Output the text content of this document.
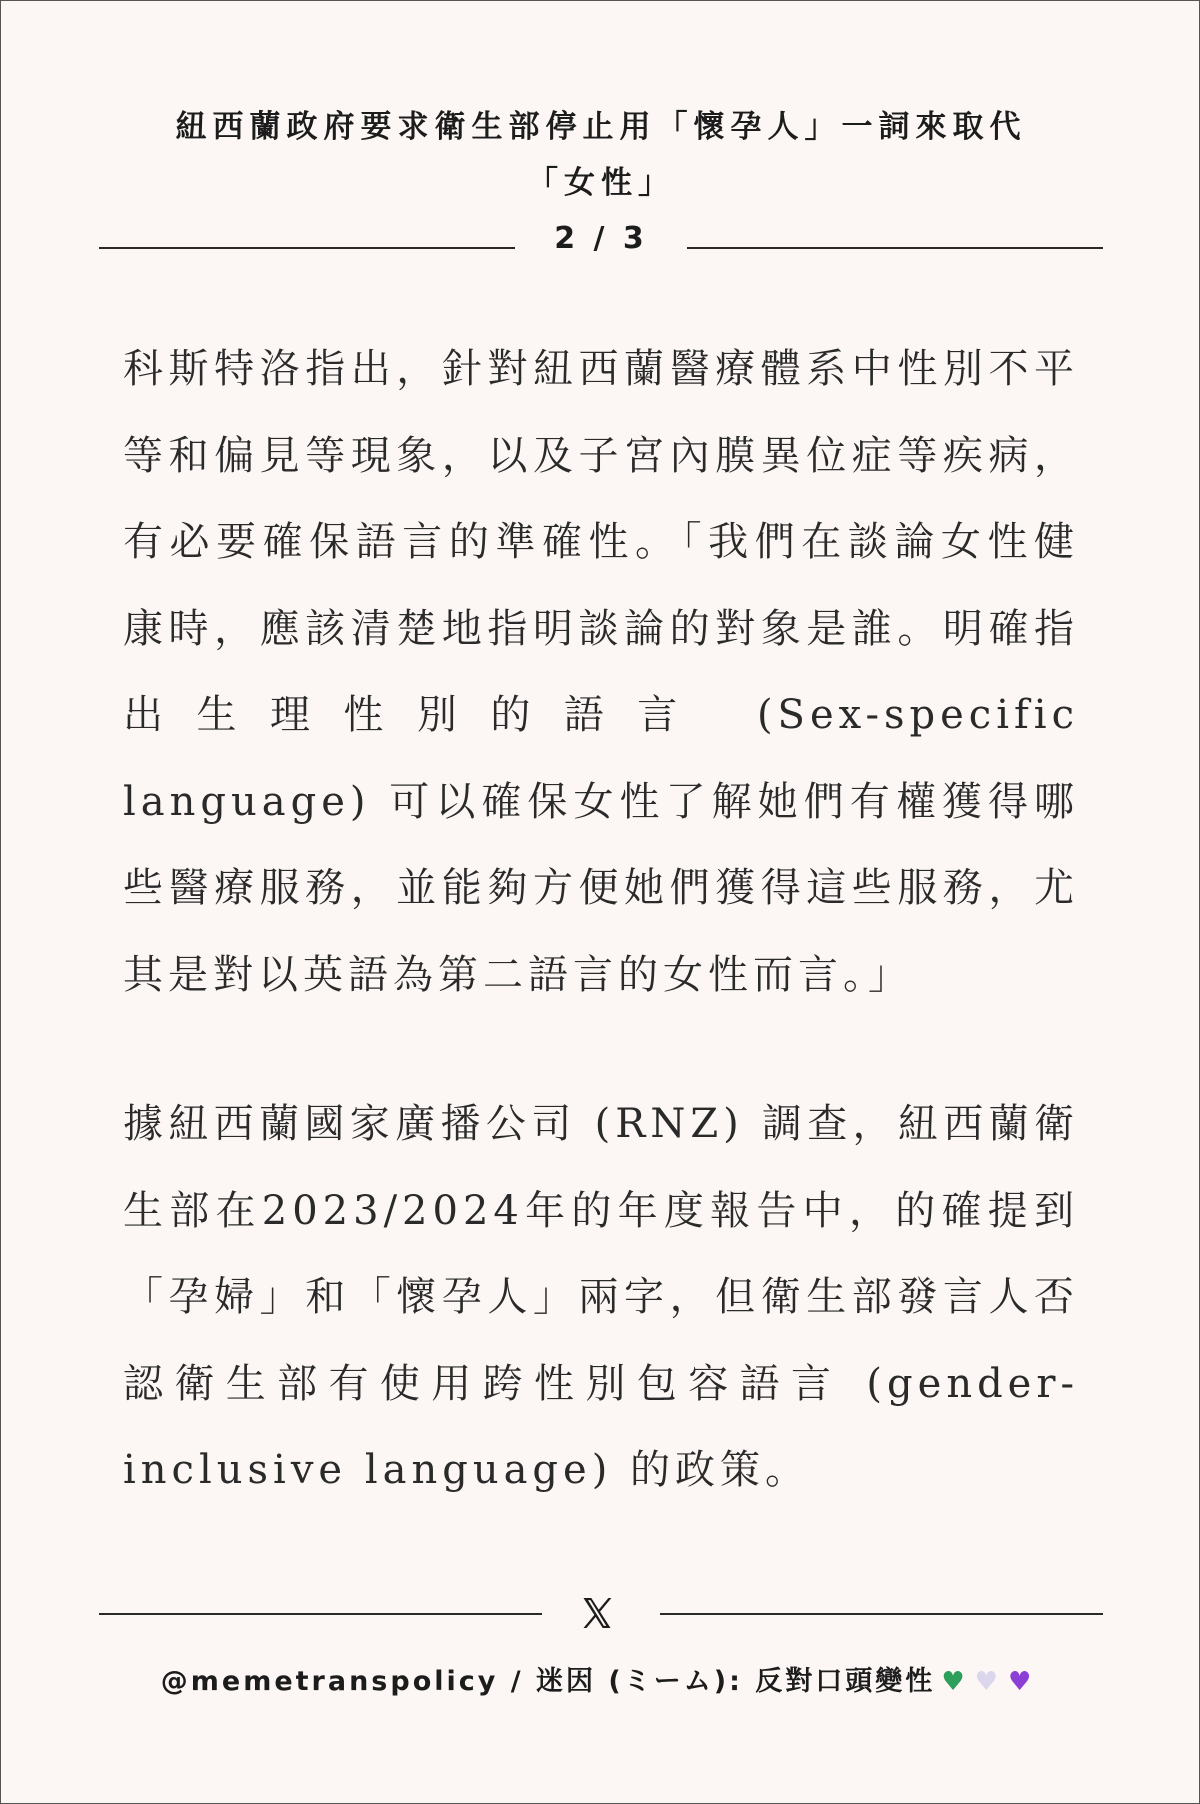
紐西蘭政府要求衛生部停止用「懷孕人」一詞來取代「女性」
2 / 3

科斯特洛指出，針對紐西蘭醫療體系中性別不平等和偏見等現象，以及子宮內膜異位症等疾病，有必要確保語言的準確性。「我們在談論女性健康時，應該清楚地指明談論的對象是誰。明確指出生理性別的語言 (Sex-specific language) 可以確保女性了解她們有權獲得哪些醫療服務，並能夠方便她們獲得這些服務，尤其是對以英語為第二語言的女性而言。」

據紐西蘭國家廣播公司 (RNZ) 調查，紐西蘭衛生部在2023/2024年的年度報告中，的確提到「孕婦」和「懷孕人」兩字，但衛生部發言人否認衛生部有使用跨性別包容語言 (gender-inclusive language) 的政策。

@memetranspolicy / 迷因 (ミーム): 反對口頭變性 ♥♥♥
